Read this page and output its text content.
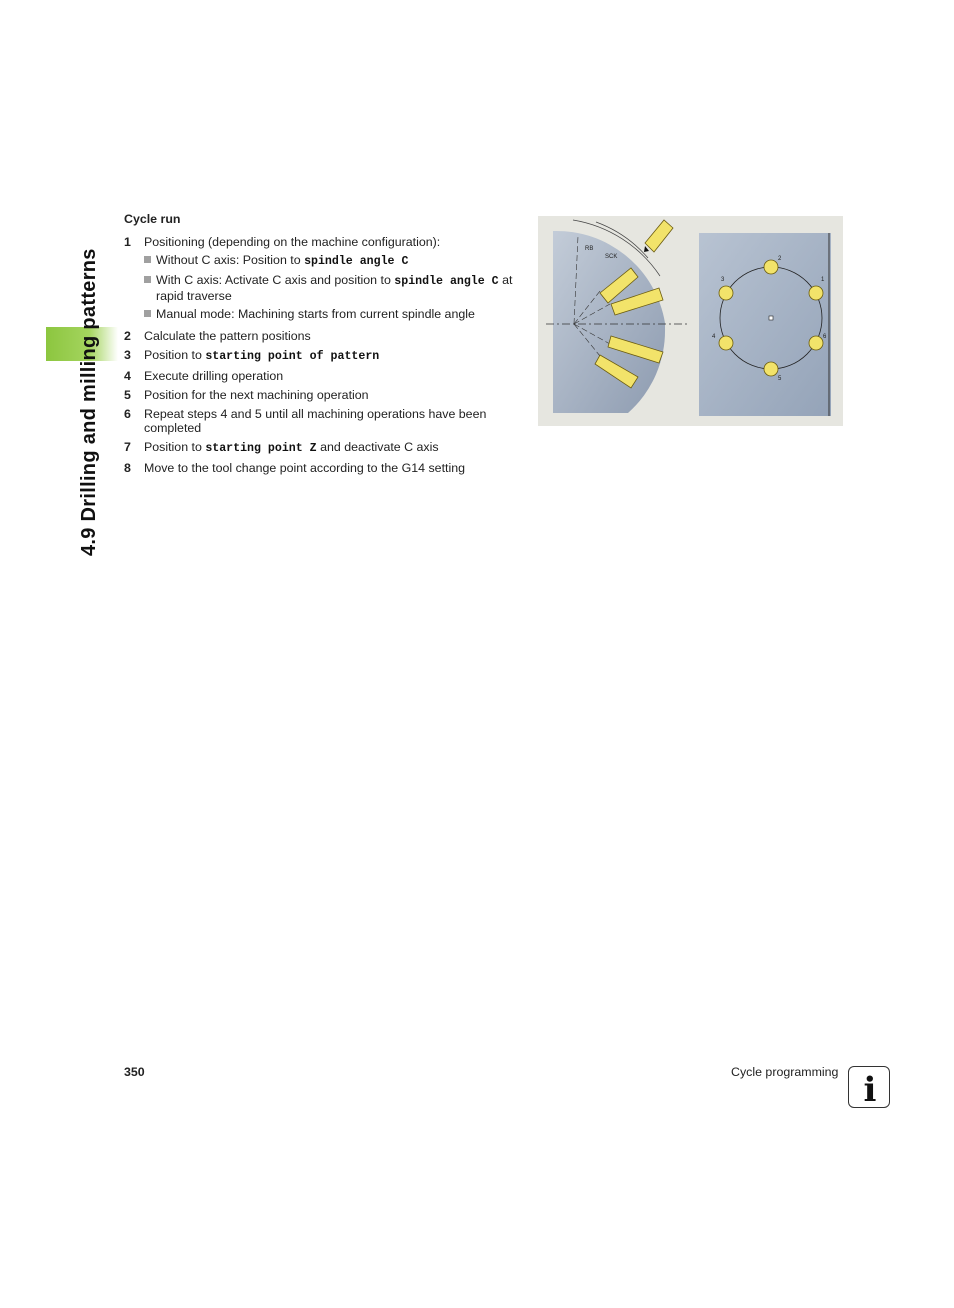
4.9 Drilling and milling patterns
Cycle run
1 Positioning (depending on the machine configuration):
Without C axis: Position to spindle angle C
With C axis: Activate C axis and position to spindle angle C at rapid traverse
Manual mode: Machining starts from current spindle angle
2 Calculate the pattern positions
3 Position to starting point of pattern
4 Execute drilling operation
5 Position for the next machining operation
6 Repeat steps 4 and 5 until all machining operations have been completed
7 Position to starting point Z and deactivate C axis
8 Move to the tool change point according to the G14 setting
RB
SCK
1
2
3
4
5
6
350	Cycle programming i
